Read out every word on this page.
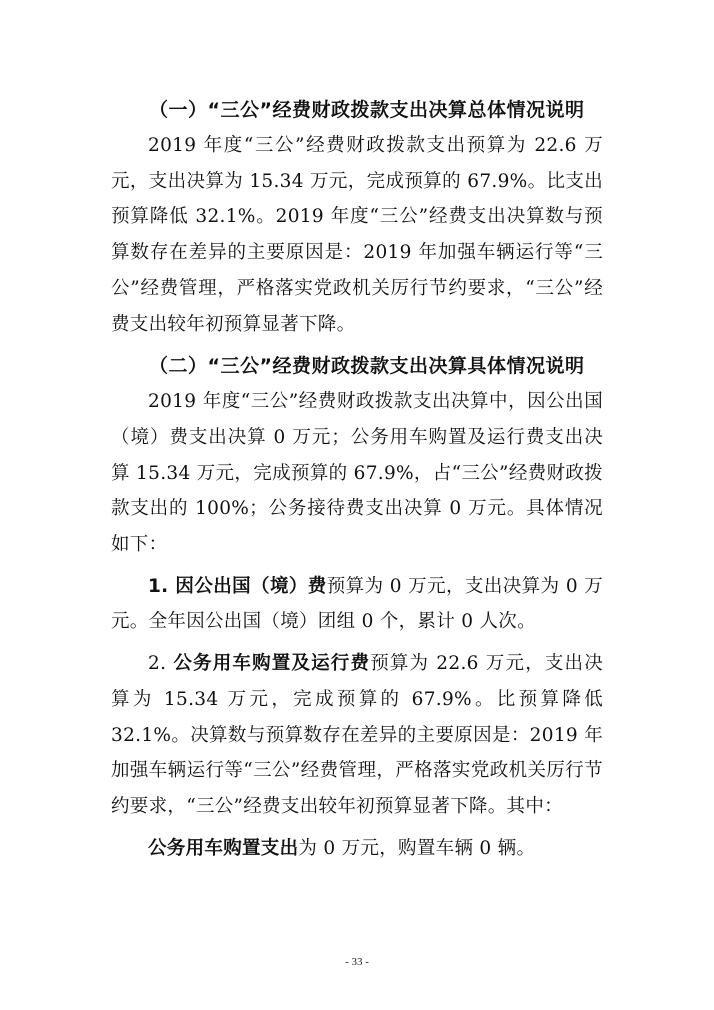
（一）“三公”经费财政拨款支出决算总体情况说明

2019 年度“三公”经费财政拨款支出预算为 22.6 万元，支出决算为 15.34 万元，完成预算的 67.9%。比支出预算降低 32.1%。2019 年度“三公”经费支出决算数与预算数存在差异的主要原因是：2019 年加强车辆运行等“三公”经费管理，严格落实党政机关厉行节约要求，“三公”经费支出较年初预算显著下降。

（二）“三公”经费财政拨款支出决算具体情况说明

2019 年度“三公”经费财政拨款支出决算中，因公出国（境）费支出决算 0 万元；公务用车购置及运行费支出决算 15.34 万元，完成预算的 67.9%，占“三公”经费财政拨款支出的 100%；公务接待费支出决算 0 万元。具体情况如下：

1. 因公出国（境）费预算为 0 万元，支出决算为 0 万元。全年因公出国（境）团组 0 个，累计 0 人次。

2. 公务用车购置及运行费预算为 22.6 万元，支出决算为 15.34 万元，完成预算的 67.9%。比预算降低 32.1%。决算数与预算数存在差异的主要原因是：2019 年加强车辆运行等“三公”经费管理，严格落实党政机关厉行节约要求，“三公”经费支出较年初预算显著下降。其中：

公务用车购置支出为 0 万元，购置车辆 0 辆。

- 33 -
